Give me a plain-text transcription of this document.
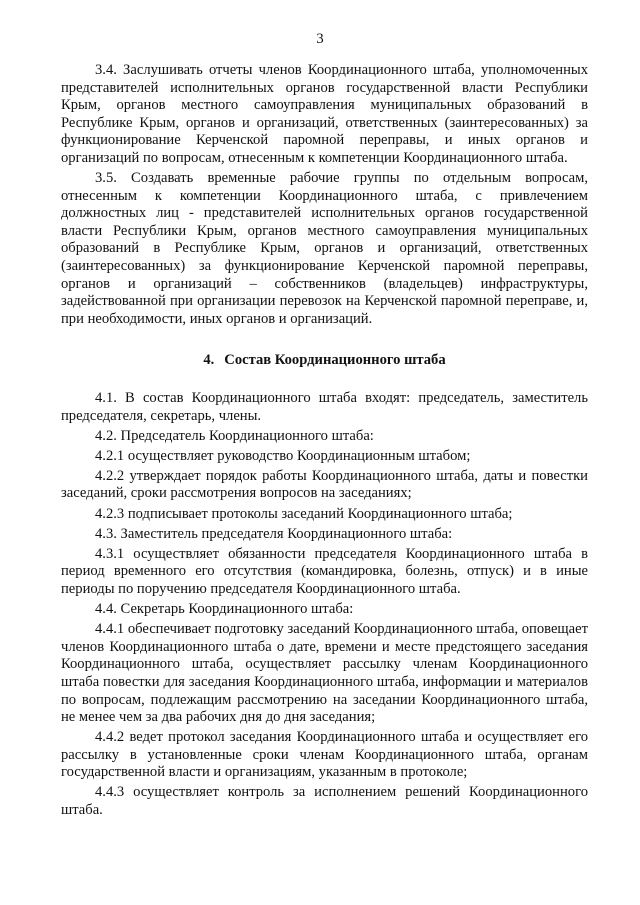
3

3.4. Заслушивать отчеты членов Координационного штаба, уполномоченных представителей исполнительных органов государственной власти Республики Крым, органов местного самоуправления муниципальных образований в Республике Крым, органов и организаций, ответственных (заинтересованных) за функционирование Керченской паромной переправы, и иных органов и организаций по вопросам, отнесенным к компетенции Координационного штаба.

3.5. Создавать временные рабочие группы по отдельным вопросам, отнесенным к компетенции Координационного штаба, с привлечением должностных лиц - представителей исполнительных органов государственной власти Республики Крым, органов местного самоуправления муниципальных образований в Республике Крым, органов и организаций, ответственных (заинтересованных) за функционирование Керченской паромной переправы, органов и организаций – собственников (владельцев) инфраструктуры, задействованной при организации перевозок на Керченской паромной переправе, и, при необходимости, иных органов и организаций.

4. Состав Координационного штаба

4.1. В состав Координационного штаба входят: председатель, заместитель председателя, секретарь, члены.

4.2. Председатель Координационного штаба:

4.2.1 осуществляет руководство Координационным штабом;

4.2.2 утверждает порядок работы Координационного штаба, даты и повестки заседаний, сроки рассмотрения вопросов на заседаниях;

4.2.3 подписывает протоколы заседаний Координационного штаба;

4.3. Заместитель председателя Координационного штаба:

4.3.1 осуществляет обязанности председателя Координационного штаба в период временного его отсутствия (командировка, болезнь, отпуск) и в иные периоды по поручению председателя Координационного штаба.

4.4. Секретарь Координационного штаба:

4.4.1 обеспечивает подготовку заседаний Координационного штаба, оповещает членов Координационного штаба о дате, времени и месте предстоящего заседания Координационного штаба, осуществляет рассылку членам Координационного штаба повестки для заседания Координационного штаба, информации и материалов по вопросам, подлежащим рассмотрению на заседании Координационного штаба, не менее чем за два рабочих дня до дня заседания;

4.4.2 ведет протокол заседания Координационного штаба и осуществляет его рассылку в установленные сроки членам Координационного штаба, органам государственной власти и организациям, указанным в протоколе;

4.4.3 осуществляет контроль за исполнением решений Координационного штаба.
